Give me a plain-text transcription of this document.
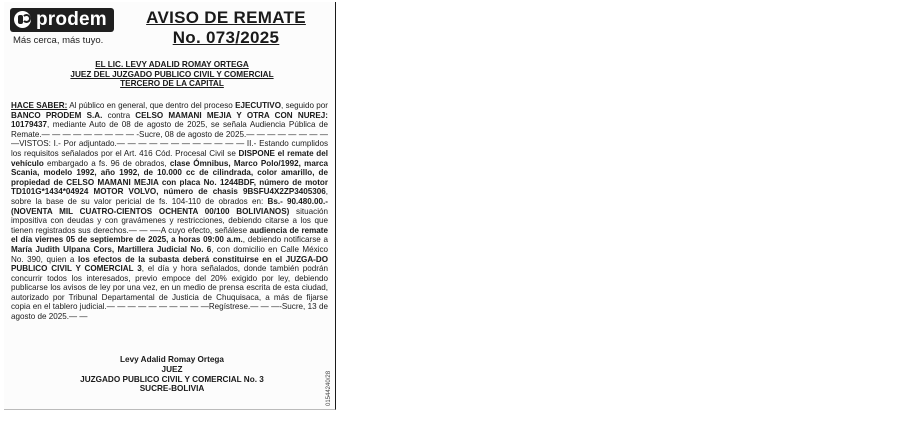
prodem
Más cerca, más tuyo.
AVISO DE REMATE
No. 073/2025
EL LIC. LEVY ADALID ROMAY ORTEGA
JUEZ DEL JUZGADO PUBLICO CIVIL Y COMERCIAL
TERCERO DE LA CAPITAL
HACE SABER: Al público en general, que dentro del proceso EJECUTIVO, seguido por BANCO PRODEM S.A. contra CELSO MAMANI MEJIA Y OTRA CON NUREJ: 10179437, mediante Auto de 08 de agosto de 2025, se señala Audiencia Pública de Remate.— — — — — — — — — -Sucre, 08 de agosto de 2025.— — — — — — — — —VISTOS: I.- Por adjuntado.— — — — — — — — — — — — II.- Estando cumplidos los requisitos señalados por el Art. 416 Cód. Procesal Civil se DISPONE el remate del vehículo embargado a fs. 96 de obrados, clase Ómnibus, Marco Polo/1992, marca Scania, modelo 1992, año 1992, de 10.000 cc de cilindrada, color amarillo, de propiedad de CELSO MAMANI MEJIA con placa No. 1244BDF, número de motor TD101G*1434*04924 MOTOR VOLVO, número de chasis 9BSFU4X2ZP3405306, sobre la base de su valor pericial de fs. 104-110 de obrados en: Bs.- 90.480.00.- (NOVENTA MIL CUATRO-CIENTOS OCHENTA 00/100 BOLIVIANOS) situación impositiva con deudas y con gravámenes y restricciones, debiendo citarse a los que tienen registrados sus derechos.— — —-A cuyo efecto, señálese audiencia de remate el día viernes 05 de septiembre de 2025, a horas 09:00 a.m., debiendo notificarse a María Judith Ulpana Cors, Martillera Judicial No. 6, con domicilio en Calle México No. 390, quien a los efectos de la subasta deberá constituirse en el JUZGA-DO PUBLICO CIVIL Y COMERCIAL 3, el día y hora señalados, donde también podrán concurrir todos los interesados, previo empoce del 20% exigido por ley, debiendo publicarse los avisos de ley por una vez, en un medio de prensa escrita de esta ciudad, autorizado por Tribunal Departamental de Justicia de Chuquisaca, a más de fijarse copia en el tablero judicial.— — — — — — — — — —Regístrese.— — —-Sucre, 13 de agosto de 2025.— —
Levy Adalid Romay Ortega
JUEZ
JUZGADO PUBLICO CIVIL Y COMERCIAL No. 3
SUCRE-BOLIVIA	01544240/28
